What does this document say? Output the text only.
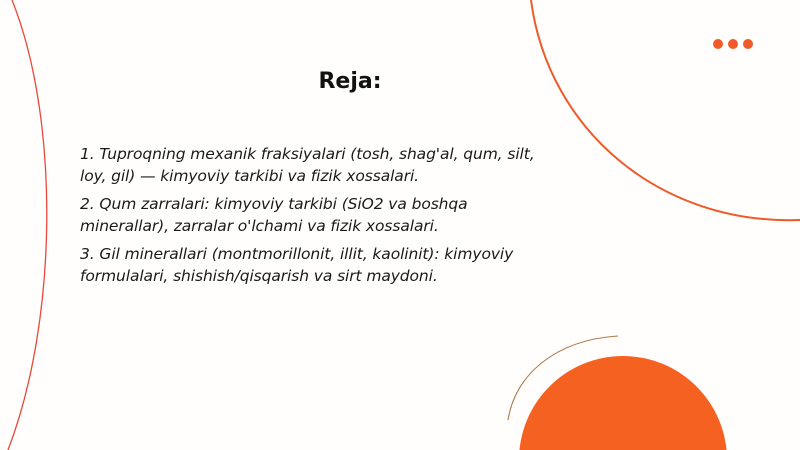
Reja:
1. Tuproqning mexanik fraksiyalari (tosh, shag'al, qum, silt, loy, gil) — kimyoviy tarkibi va fizik xossalari.
2. Qum zarralari: kimyoviy tarkibi (SiO2 va boshqa minerallar), zarralar o'lchami va fizik xossalari.
3. Gil minerallari (montmorillonit, illit, kaolinit): kimyoviy formulalari, shishish/qisqarish va sirt maydoni.
